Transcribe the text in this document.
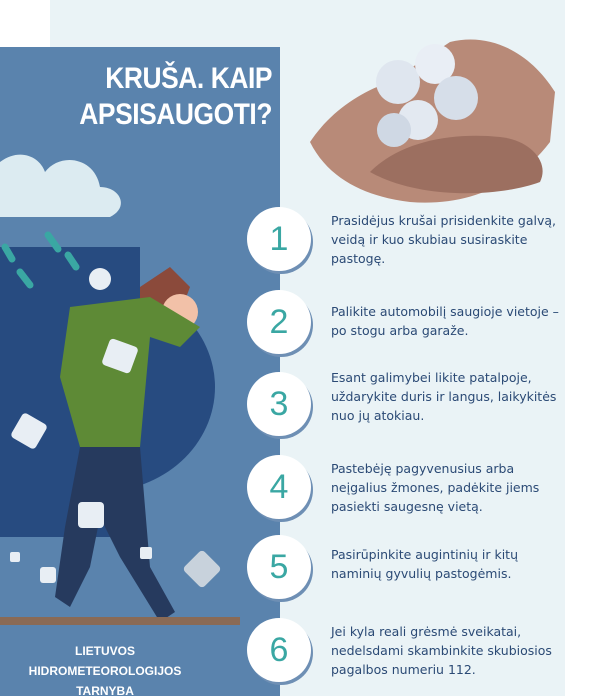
KRUŠA. KAIP
APSISAUGOTI?
LIETUVOS HIDROMETEOROLOGIJOS
TARNYBA
1	Prasidėjus krušai prisidenkite galvą, veidą ir kuo skubiau susiraskite pastogę.
2	Palikite automobilį saugioje vietoje – po stogu arba garaže.
3
Esant galimybei likite patalpoje, uždarykite duris ir langus, laikykitės nuo jų atokiau.
4	Pastebėję pagyvenusius arba neįgalius žmones, padėkite jiems pasiekti saugesnę vietą.
5	Pasirūpinkite augintinių ir kitų naminių gyvulių pastogėmis.
6	Jei kyla reali grėsmė sveikatai, nedelsdami skambinkite skubiosios pagalbos numeriu 112.
